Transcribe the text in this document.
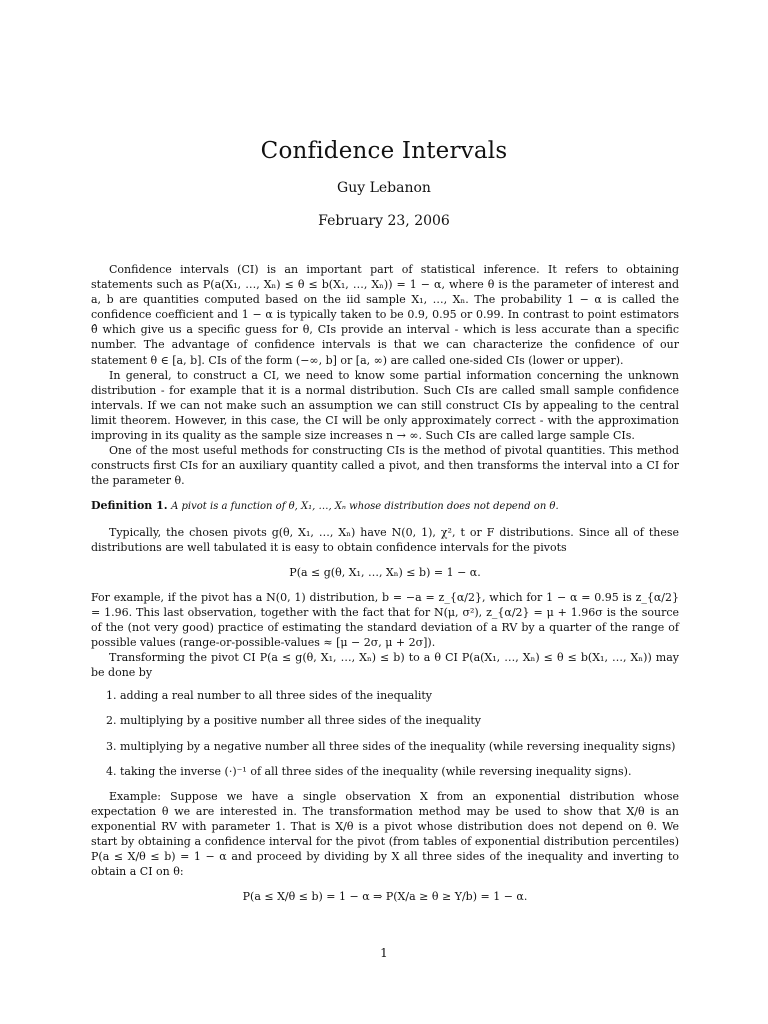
Confidence Intervals
Guy Lebanon
February 23, 2006

Confidence intervals (CI) is an important part of statistical inference. It refers to obtaining statements such as P(a(X₁, …, Xₙ) ≤ θ ≤ b(X₁, …, Xₙ)) = 1 − α, where θ is the parameter of interest and a, b are quantities computed based on the iid sample X₁, …, Xₙ. The probability 1 − α is called the confidence coefficient and 1 − α is typically taken to be 0.9, 0.95 or 0.99. In contrast to point estimators θ̂ which give us a specific guess for θ, CIs provide an interval - which is less accurate than a specific number. The advantage of confidence intervals is that we can characterize the confidence of our statement θ ∈ [a, b]. CIs of the form (−∞, b] or [a, ∞) are called one-sided CIs (lower or upper).

In general, to construct a CI, we need to know some partial information concerning the unknown distribution - for example that it is a normal distribution. Such CIs are called small sample confidence intervals. If we can not make such an assumption we can still construct CIs by appealing to the central limit theorem. However, in this case, the CI will be only approximately correct - with the approximation improving in its quality as the sample size increases n → ∞. Such CIs are called large sample CIs.

One of the most useful methods for constructing CIs is the method of pivotal quantities. This method constructs first CIs for an auxiliary quantity called a pivot, and then transforms the interval into a CI for the parameter θ.

Definition 1. A pivot is a function of θ, X₁, …, Xₙ whose distribution does not depend on θ.

Typically, the chosen pivots g(θ, X₁, …, Xₙ) have N(0, 1), χ², t or F distributions. Since all of these distributions are well tabulated it is easy to obtain confidence intervals for the pivots

P(a ≤ g(θ, X₁, …, Xₙ) ≤ b) = 1 − α.

For example, if the pivot has a N(0, 1) distribution, b = −a = z_{α/2}, which for 1 − α = 0.95 is z_{α/2} = 1.96. This last observation, together with the fact that for N(μ, σ²), z_{α/2} = μ + 1.96σ is the source of the (not very good) practice of estimating the standard deviation of a RV by a quarter of the range of possible values (range-or-possible-values ≈ [μ − 2σ, μ + 2σ]).

Transforming the pivot CI P(a ≤ g(θ, X₁, …, Xₙ) ≤ b) to a θ CI P(a(X₁, …, Xₙ) ≤ θ ≤ b(X₁, …, Xₙ)) may be done by

1. adding a real number to all three sides of the inequality
2. multiplying by a positive number all three sides of the inequality
3. multiplying by a negative number all three sides of the inequality (while reversing inequality signs)
4. taking the inverse (·)⁻¹ of all three sides of the inequality (while reversing inequality signs).

Example: Suppose we have a single observation X from an exponential distribution whose expectation θ we are interested in. The transformation method may be used to show that X/θ is an exponential RV with parameter 1. That is X/θ is a pivot whose distribution does not depend on θ. We start by obtaining a confidence interval for the pivot (from tables of exponential distribution percentiles) P(a ≤ X/θ ≤ b) = 1 − α and proceed by dividing by X all three sides of the inequality and inverting to obtain a CI on θ:

P(a ≤ X/θ ≤ b) = 1 − α ⇒ P(X/a ≥ θ ≥ Y/b) = 1 − α.
1
